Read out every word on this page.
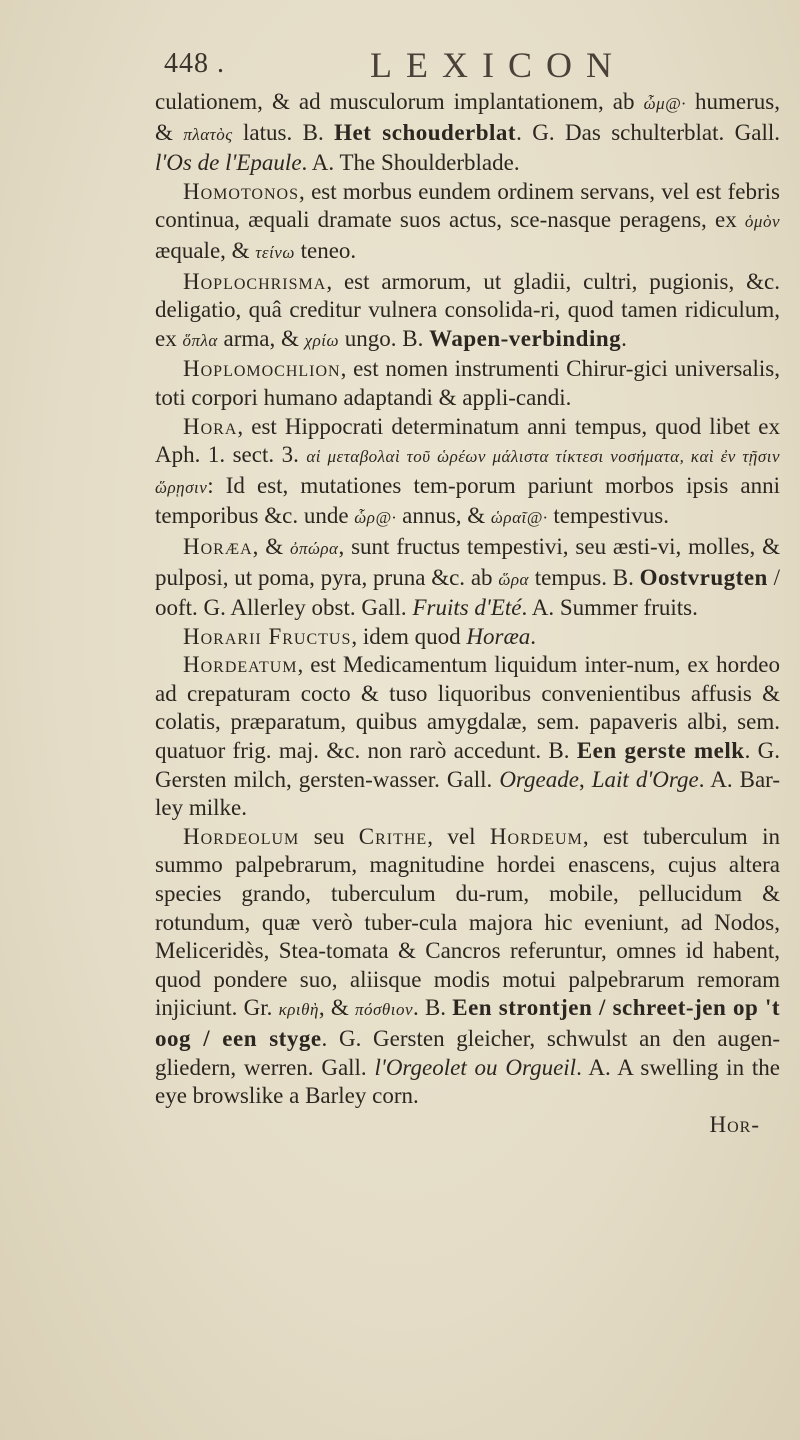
448 .	LEXICON

culationem, & ad musculorum implantationem, ab ὦμ@· humerus, & πλατὸς latus. B. Het schouderblat. G. Das schulterblat. Gall. l'Os de l'Epaule. A. The Shoulderblade.

Homotonos, est morbus eundem ordinem servans, vel est febris continua, æquali dramate suos actus, sce-nasque peragens, ex ὁμὸν æquale, & τείνω teneo.

Hoplochrisma, est armorum, ut gladii, cultri, pugionis, &c. deligatio, quâ creditur vulnera consolida-ri, quod tamen ridiculum, ex ὅπλα arma, & χρίω ungo. B. Wapen-verbinding.

Hoplomochlion, est nomen instrumenti Chirur-gici universalis, toti corpori humano adaptandi & appli-candi.

Hora, est Hippocrati determinatum anni tempus, quod libet ex Aph. 1. sect. 3. αἱ μεταβολαὶ τοῦ ὡρέων μάλιστα τίκτεσι νοσήματα, καὶ ἐν τῇσιν ὥρῃσιν: Id est, mutationes tem-porum pariunt morbos ipsis anni temporibus &c. unde ὧρ@· annus, & ὡραῖ@· tempestivus.

Horæa, & ὀπώρα, sunt fructus tempestivi, seu æsti-vi, molles, & pulposi, ut poma, pyra, pruna &c. ab ὥρα tempus. B. Oostvrugten / ooft. G. Allerley obst. Gall. Fruits d'Eté. A. Summer fruits.

Horarii Fructus, idem quod Horæa.

Hordeatum, est Medicamentum liquidum inter-num, ex hordeo ad crepaturam cocto & tuso liquoribus convenientibus affusis & colatis, præparatum, quibus amygdalæ, sem. papaveris albi, sem. quatuor frig. maj. &c. non rarò accedunt. B. Een gerste melk. G. Gersten milch, gersten-wasser. Gall. Orgeade, Lait d'Orge. A. Bar-ley milke.

Hordeolum seu Crithe, vel Hordeum, est tuberculum in summo palpebrarum, magnitudine hordei enascens, cujus altera species grando, tuberculum du-rum, mobile, pellucidum & rotundum, quæ verò tuber-cula majora hic eveniunt, ad Nodos, Meliceridès, Stea-tomata & Cancros referuntur, omnes id habent, quod pondere suo, aliisque modis motui palpebrarum remoram injiciunt. Gr. κριθὴ, & πόσθιον. B. Een strontjen / schreet-jen op 't oog / een styge. G. Gersten gleicher, schwulst an den augen-gliedern, werren. Gall. l'Orgeolet ou Orgueil. A. A swelling in the eye browslike a Barley corn.

Hor-
